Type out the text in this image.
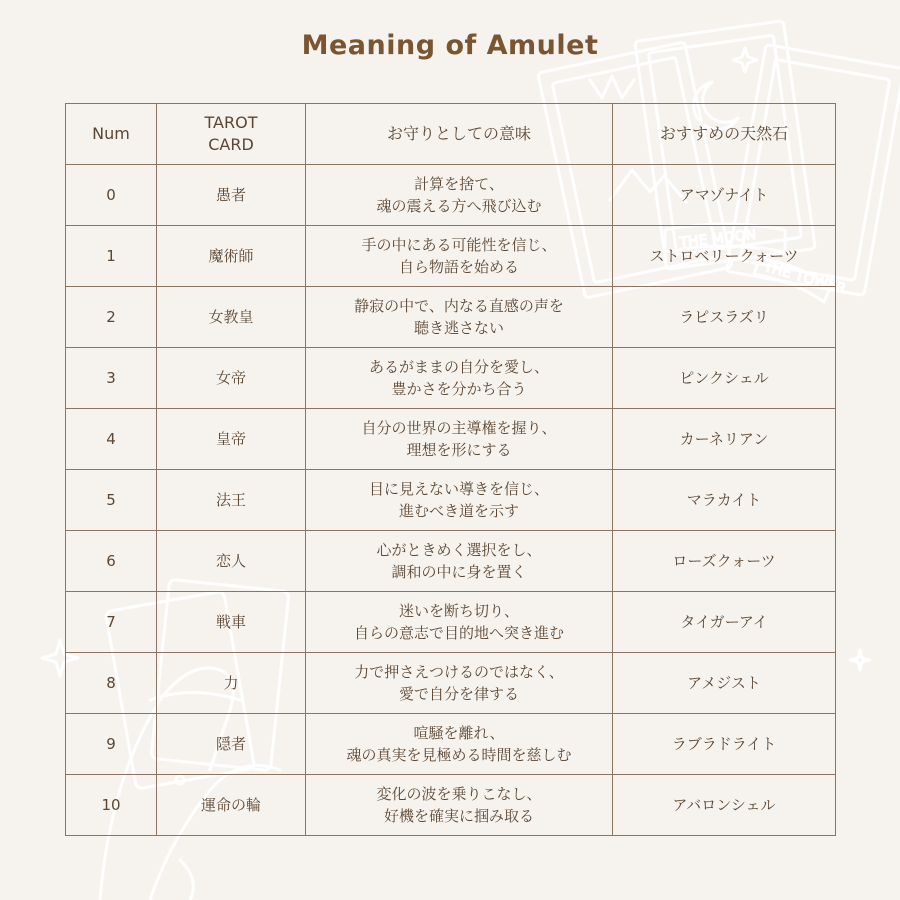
THE MOON
THE TOWER
Meaning of Amulet
Num	TAROT
CARD	お守りとしての意味	おすすめの天然石
0	愚者	計算を捨て、
魂の震える方へ飛び込む	アマゾナイト
1	魔術師	手の中にある可能性を信じ、
自ら物語を始める	ストロベリークォーツ
2	女教皇	静寂の中で、内なる直感の声を
聴き逃さない	ラピスラズリ
3	女帝	あるがままの自分を愛し、
豊かさを分かち合う	ピンクシェル
4	皇帝	自分の世界の主導権を握り、
理想を形にする	カーネリアン
5	法王	目に見えない導きを信じ、
進むべき道を示す	マラカイト
6	恋人	心がときめく選択をし、
調和の中に身を置く	ローズクォーツ
7	戦車	迷いを断ち切り、
自らの意志で目的地へ突き進む	タイガーアイ
8	力	力で押さえつけるのではなく、
愛で自分を律する	アメジスト
9	隠者	喧騒を離れ、
魂の真実を見極める時間を慈しむ	ラブラドライト
10	運命の輪	変化の波を乗りこなし、
好機を確実に掴み取る	アバロンシェル
